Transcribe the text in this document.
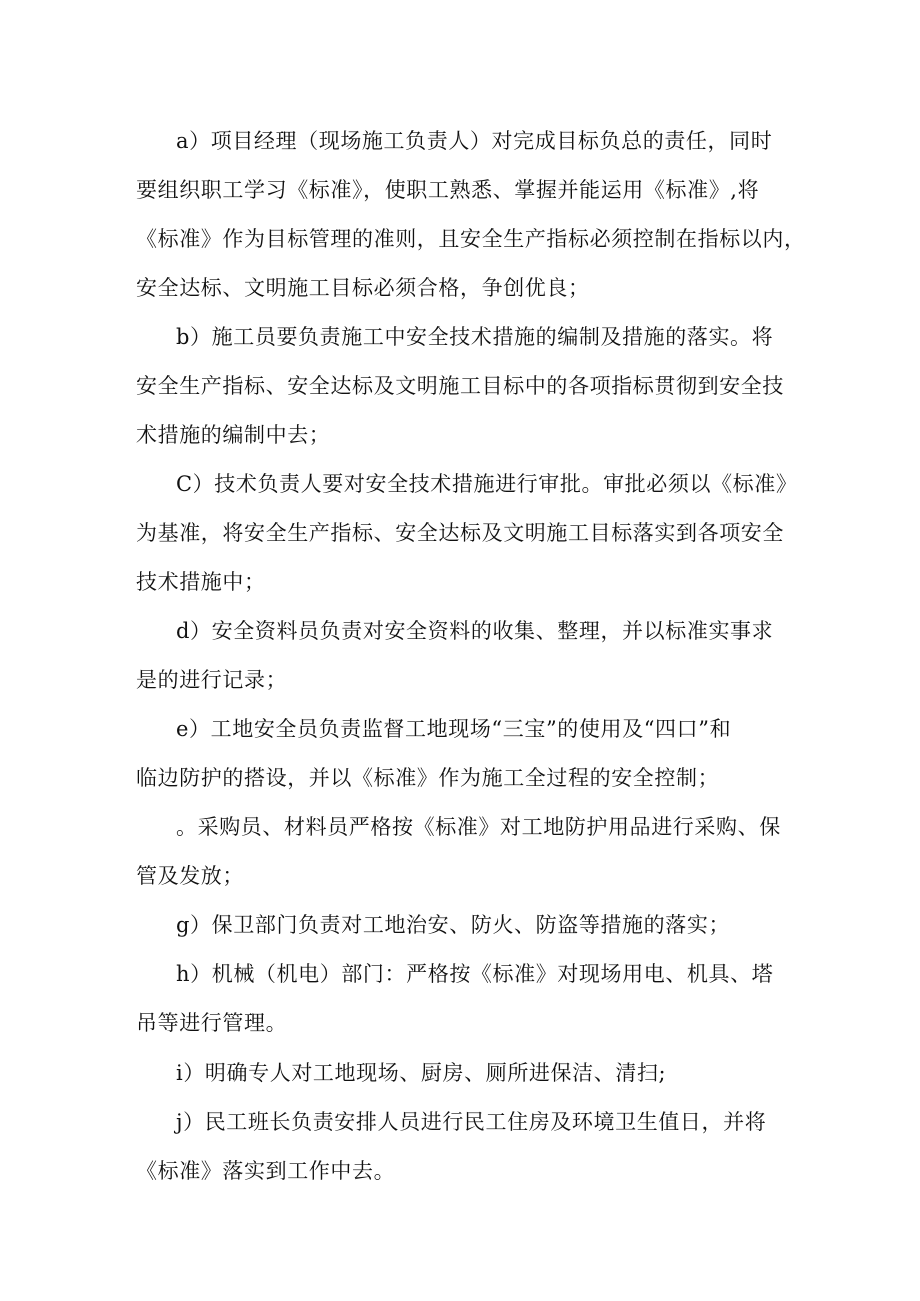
a）项目经理（现场施工负责人）对完成目标负总的责任，同时
要组织职工学习《标准》，使职工熟悉、掌握并能运用《标准》,将
《标准》作为目标管理的准则，且安全生产指标必须控制在指标以内，
安全达标、文明施工目标必须合格，争创优良；
b）施工员要负责施工中安全技术措施的编制及措施的落实。将
安全生产指标、安全达标及文明施工目标中的各项指标贯彻到安全技
术措施的编制中去；
C）技术负责人要对安全技术措施进行审批。审批必须以《标准》
为基准，将安全生产指标、安全达标及文明施工目标落实到各项安全
技术措施中；
d）安全资料员负责对安全资料的收集、整理，并以标准实事求
是的进行记录；
e）工地安全员负责监督工地现场“三宝”的使用及“四口”和
临边防护的搭设，并以《标准》作为施工全过程的安全控制；
。采购员、材料员严格按《标准》对工地防护用品进行采购、保
管及发放；
g）保卫部门负责对工地治安、防火、防盗等措施的落实；
h）机械（机电）部门：严格按《标准》对现场用电、机具、塔
吊等进行管理。
i）明确专人对工地现场、厨房、厕所进保洁、清扫;
j）民工班长负责安排人员进行民工住房及环境卫生值日，并将
《标准》落实到工作中去。
